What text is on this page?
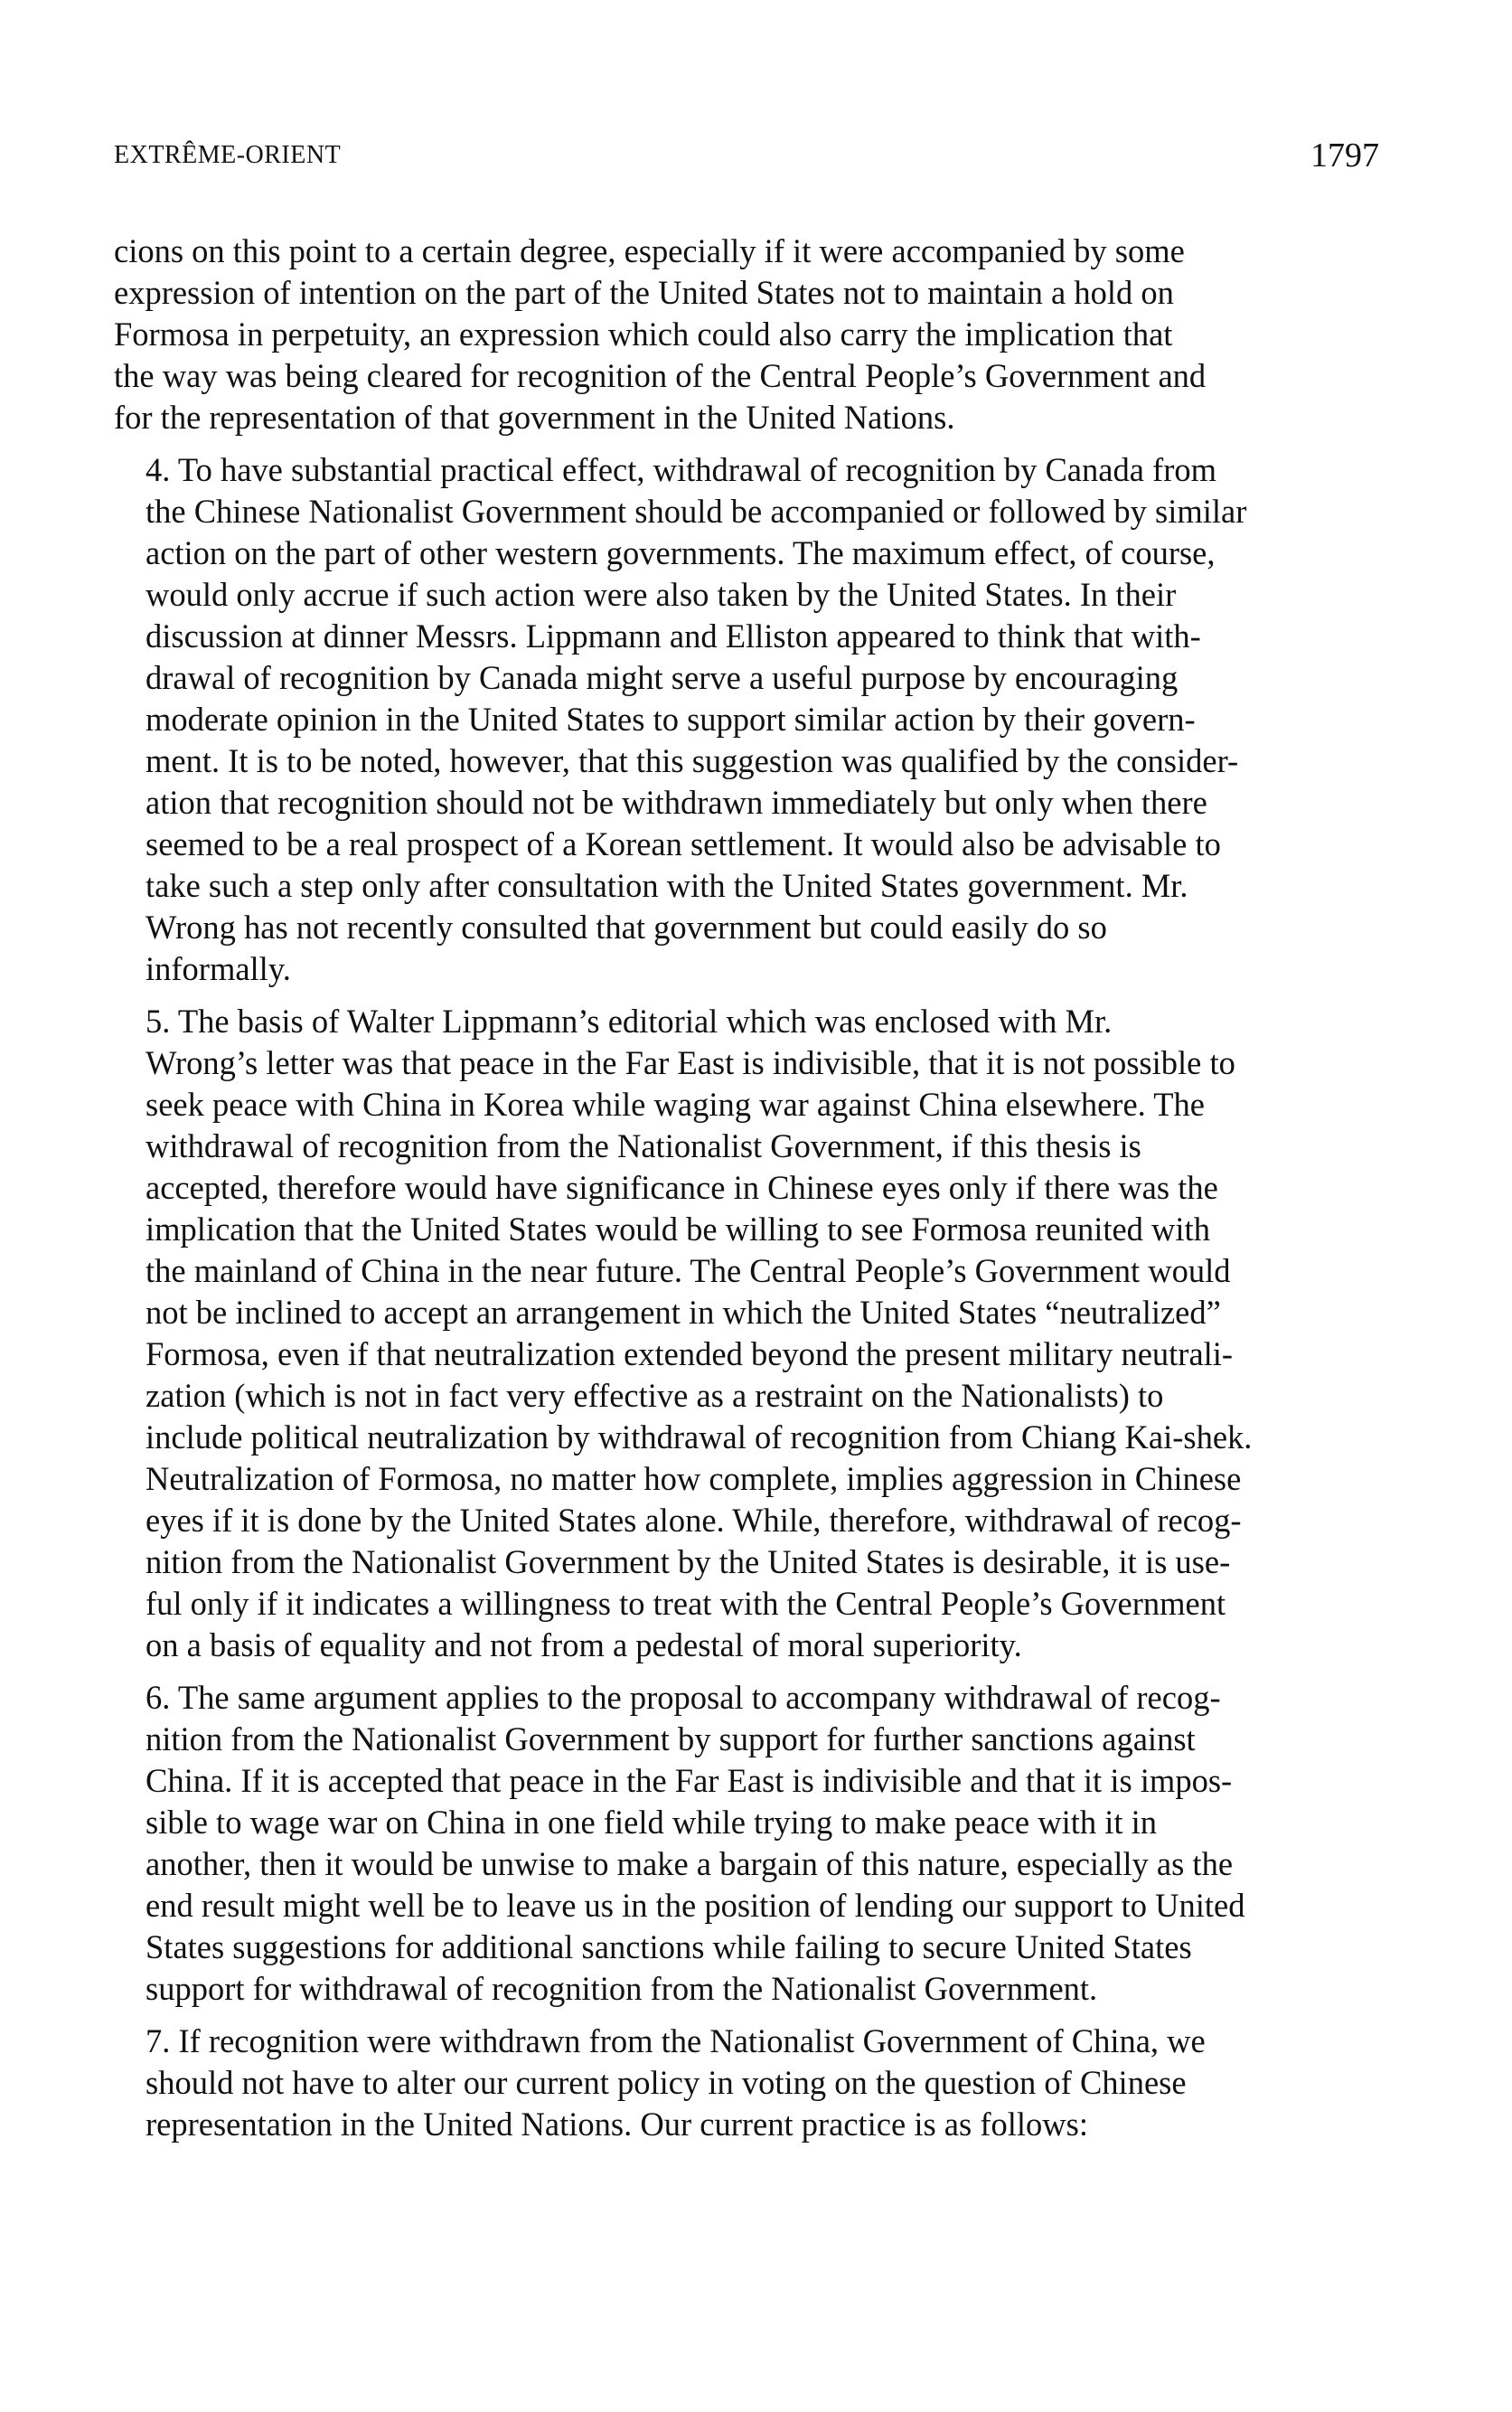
EXTRÊME-ORIENT	1797

cions on this point to a certain degree, especially if it were accompanied by some
expression of intention on the part of the United States not to maintain a hold on
Formosa in perpetuity, an expression which could also carry the implication that
the way was being cleared for recognition of the Central People’s Government and
for the representation of that government in the United Nations.

4. To have substantial practical effect, withdrawal of recognition by Canada from
the Chinese Nationalist Government should be accompanied or followed by similar
action on the part of other western governments. The maximum effect, of course,
would only accrue if such action were also taken by the United States. In their
discussion at dinner Messrs. Lippmann and Elliston appeared to think that with-
drawal of recognition by Canada might serve a useful purpose by encouraging
moderate opinion in the United States to support similar action by their govern-
ment. It is to be noted, however, that this suggestion was qualified by the consider-
ation that recognition should not be withdrawn immediately but only when there
seemed to be a real prospect of a Korean settlement. It would also be advisable to
take such a step only after consultation with the United States government. Mr.
Wrong has not recently consulted that government but could easily do so
informally.

5. The basis of Walter Lippmann’s editorial which was enclosed with Mr.
Wrong’s letter was that peace in the Far East is indivisible, that it is not possible to
seek peace with China in Korea while waging war against China elsewhere. The
withdrawal of recognition from the Nationalist Government, if this thesis is
accepted, therefore would have significance in Chinese eyes only if there was the
implication that the United States would be willing to see Formosa reunited with
the mainland of China in the near future. The Central People’s Government would
not be inclined to accept an arrangement in which the United States “neutralized”
Formosa, even if that neutralization extended beyond the present military neutrali-
zation (which is not in fact very effective as a restraint on the Nationalists) to
include political neutralization by withdrawal of recognition from Chiang Kai-shek.
Neutralization of Formosa, no matter how complete, implies aggression in Chinese
eyes if it is done by the United States alone. While, therefore, withdrawal of recog-
nition from the Nationalist Government by the United States is desirable, it is use-
ful only if it indicates a willingness to treat with the Central People’s Government
on a basis of equality and not from a pedestal of moral superiority.

6. The same argument applies to the proposal to accompany withdrawal of recog-
nition from the Nationalist Government by support for further sanctions against
China. If it is accepted that peace in the Far East is indivisible and that it is impos-
sible to wage war on China in one field while trying to make peace with it in
another, then it would be unwise to make a bargain of this nature, especially as the
end result might well be to leave us in the position of lending our support to United
States suggestions for additional sanctions while failing to secure United States
support for withdrawal of recognition from the Nationalist Government.

7. If recognition were withdrawn from the Nationalist Government of China, we
should not have to alter our current policy in voting on the question of Chinese
representation in the United Nations. Our current practice is as follows:
